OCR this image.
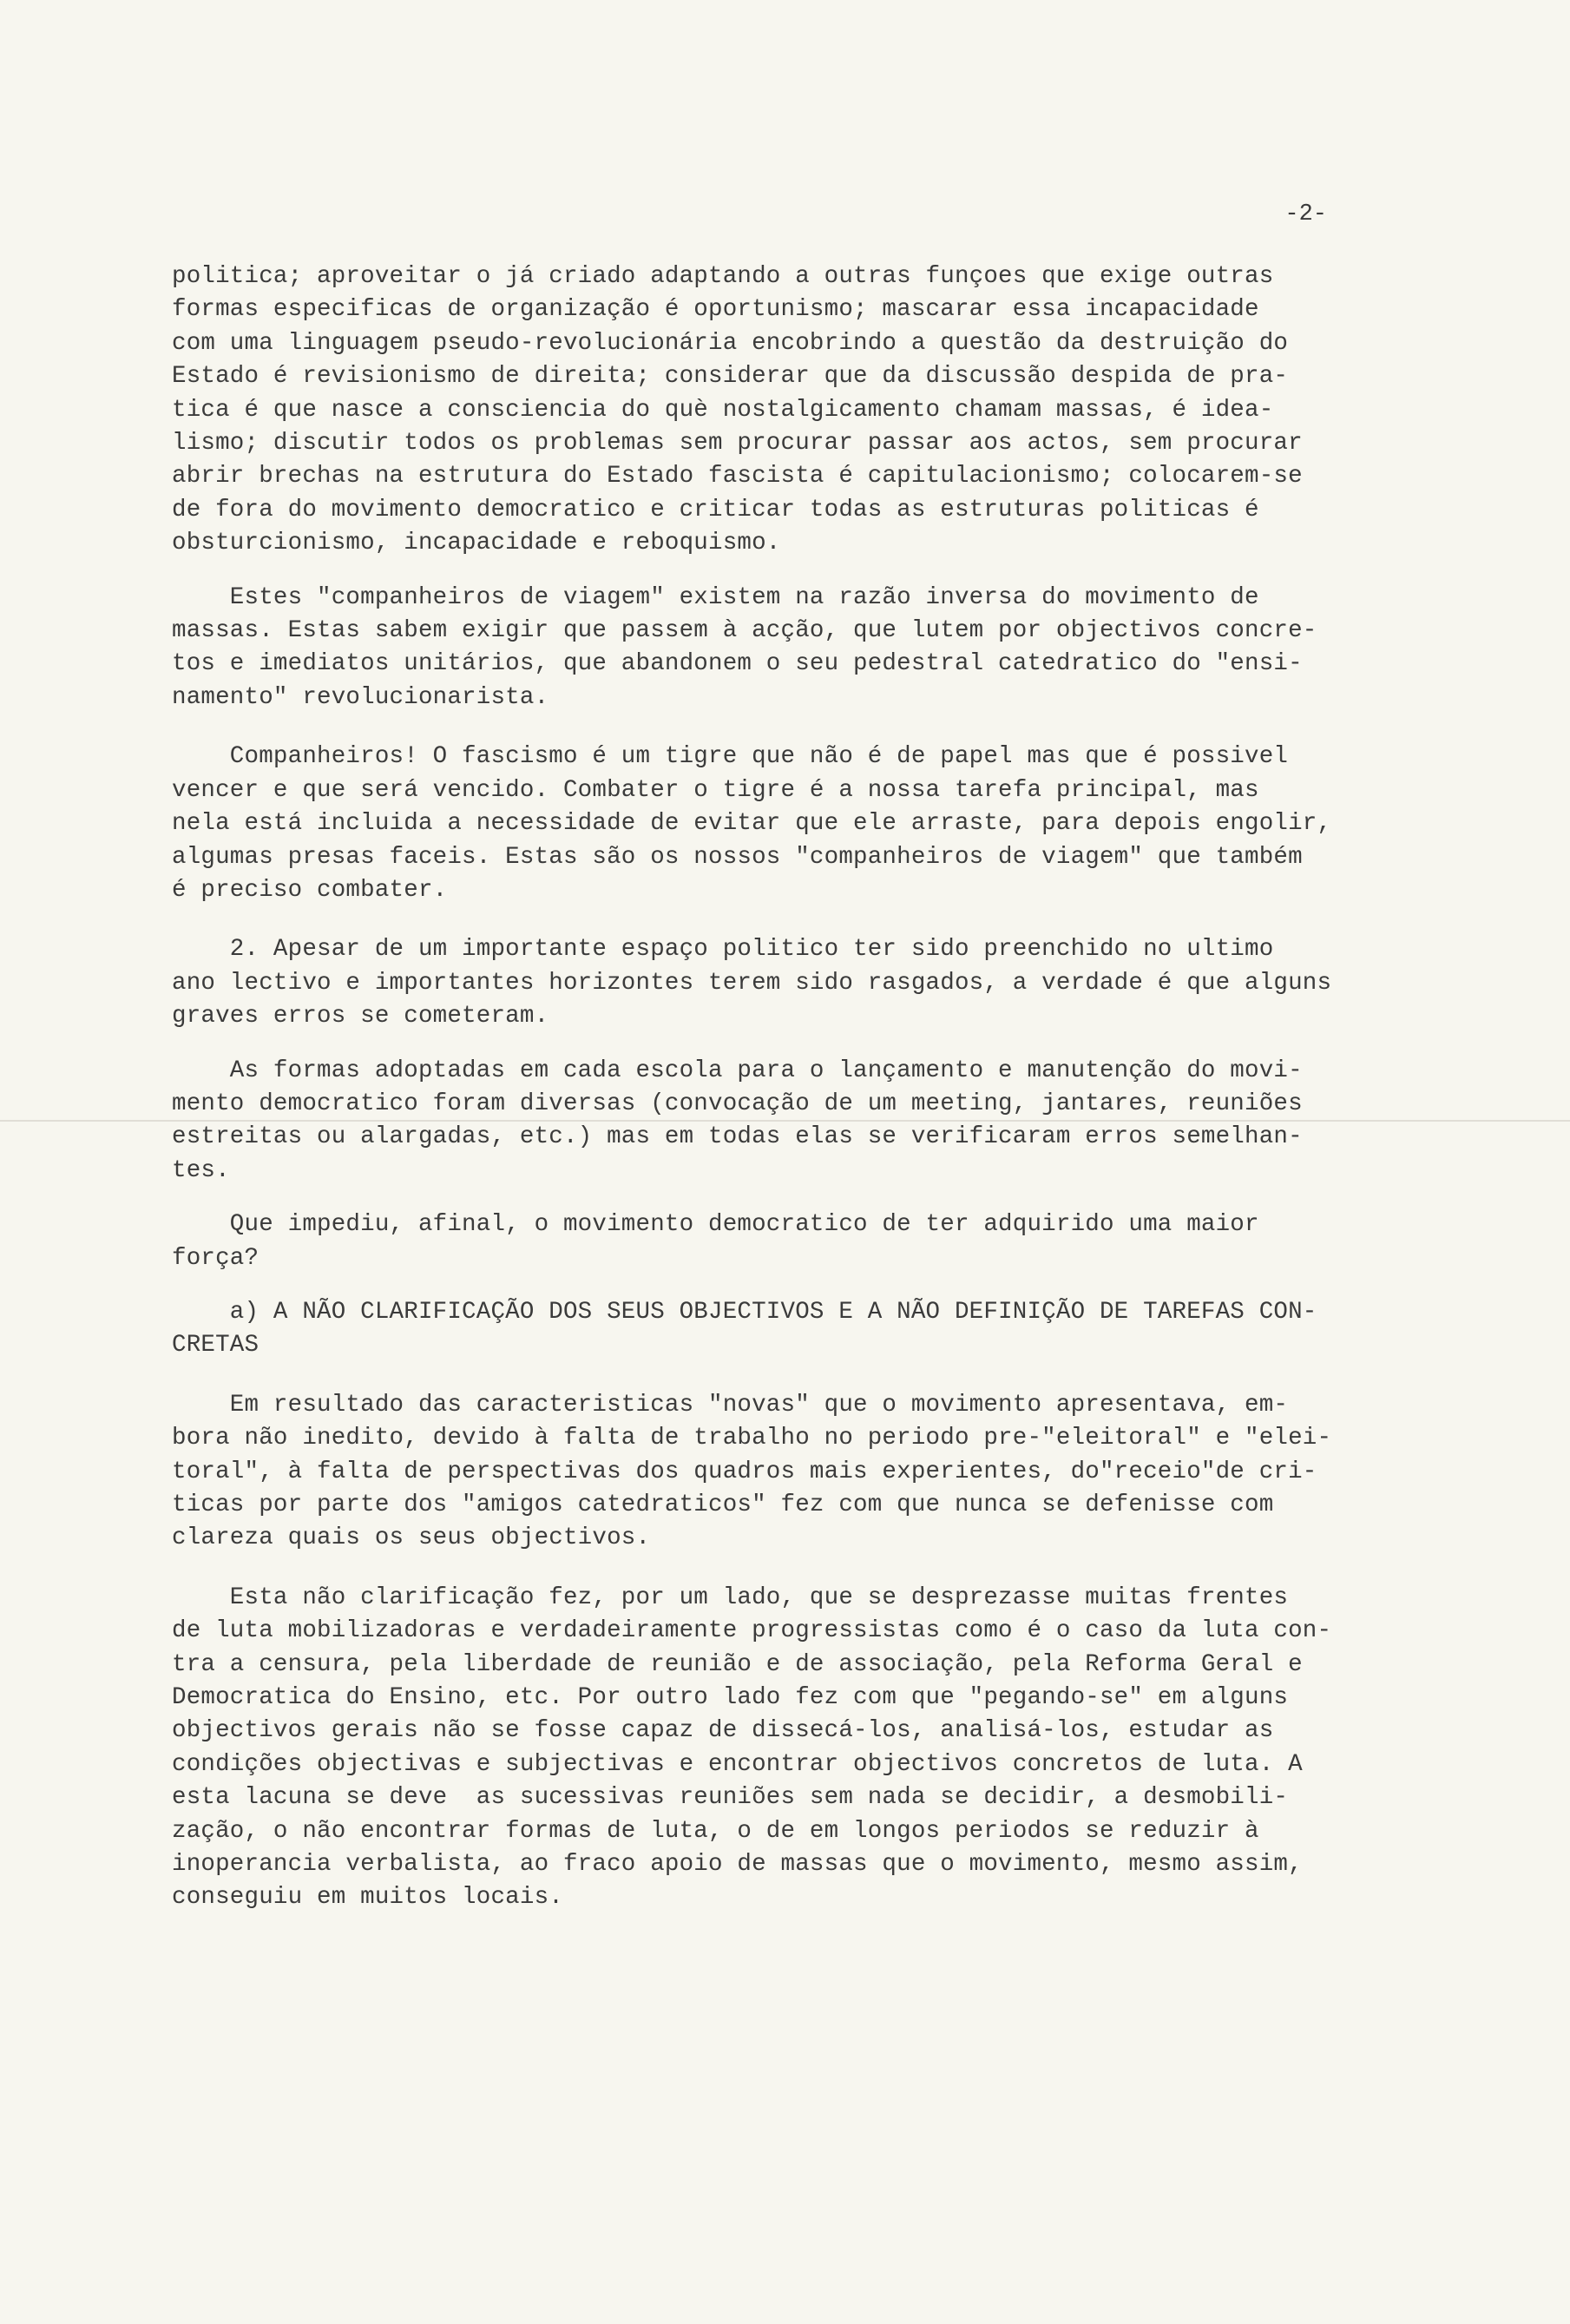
-2-

politica; aproveitar o já criado adaptando a outras funçoes que exige outras

formas especificas de organização é oportunismo; mascarar essa incapacidade

com uma linguagem pseudo-revolucionária encobrindo a questão da destruição do

Estado é revisionismo de direita; considerar que da discussão despida de pra-

tica é que nasce a consciencia do què nostalgicamento chamam massas, é idea-

lismo; discutir todos os problemas sem procurar passar aos actos, sem procurar

abrir brechas na estrutura do Estado fascista é capitulacionismo; colocarem-se

de fora do movimento democratico e criticar todas as estruturas politicas é

obsturcionismo, incapacidade e reboquismo.

Estes "companheiros de viagem" existem na razão inversa do movimento de

massas. Estas sabem exigir que passem à acção, que lutem por objectivos concre-

tos e imediatos unitários, que abandonem o seu pedestral catedratico do "ensi-

namento" revolucionarista.

Companheiros! O fascismo é um tigre que não é de papel mas que é possivel

vencer e que será vencido. Combater o tigre é a nossa tarefa principal, mas

nela está incluida a necessidade de evitar que ele arraste, para depois engolir,

algumas presas faceis. Estas são os nossos "companheiros de viagem" que também

é preciso combater.

2. Apesar de um importante espaço politico ter sido preenchido no ultimo

ano lectivo e importantes horizontes terem sido rasgados, a verdade é que alguns

graves erros se cometeram.

As formas adoptadas em cada escola para o lançamento e manutenção do movi-

mento democratico foram diversas (convocação de um meeting, jantares, reuniões

estreitas ou alargadas, etc.) mas em todas elas se verificaram erros semelhan-

tes.

Que impediu, afinal, o movimento democratico de ter adquirido uma maior

força?

a) A NÃO CLARIFICAÇÃO DOS SEUS OBJECTIVOS E A NÃO DEFINIÇÃO DE TAREFAS CON-

CRETAS

Em resultado das caracteristicas "novas" que o movimento apresentava, em-

bora não inedito, devido à falta de trabalho no periodo pre-"eleitoral" e "elei-

toral", à falta de perspectivas dos quadros mais experientes, do"receio"de cri-

ticas por parte dos "amigos catedraticos" fez com que nunca se defenisse com

clareza quais os seus objectivos.

Esta não clarificação fez, por um lado, que se desprezasse muitas frentes

de luta mobilizadoras e verdadeiramente progressistas como é o caso da luta con-

tra a censura, pela liberdade de reunião e de associação, pela Reforma Geral e

Democratica do Ensino, etc. Por outro lado fez com que "pegando-se" em alguns

objectivos gerais não se fosse capaz de dissecá-los, analisá-los, estudar as

condições objectivas e subjectivas e encontrar objectivos concretos de luta. A

esta lacuna se deve  as sucessivas reuniões sem nada se decidir, a desmobili-

zação, o não encontrar formas de luta, o de em longos periodos se reduzir à

inoperancia verbalista, ao fraco apoio de massas que o movimento, mesmo assim,

conseguiu em muitos locais.
